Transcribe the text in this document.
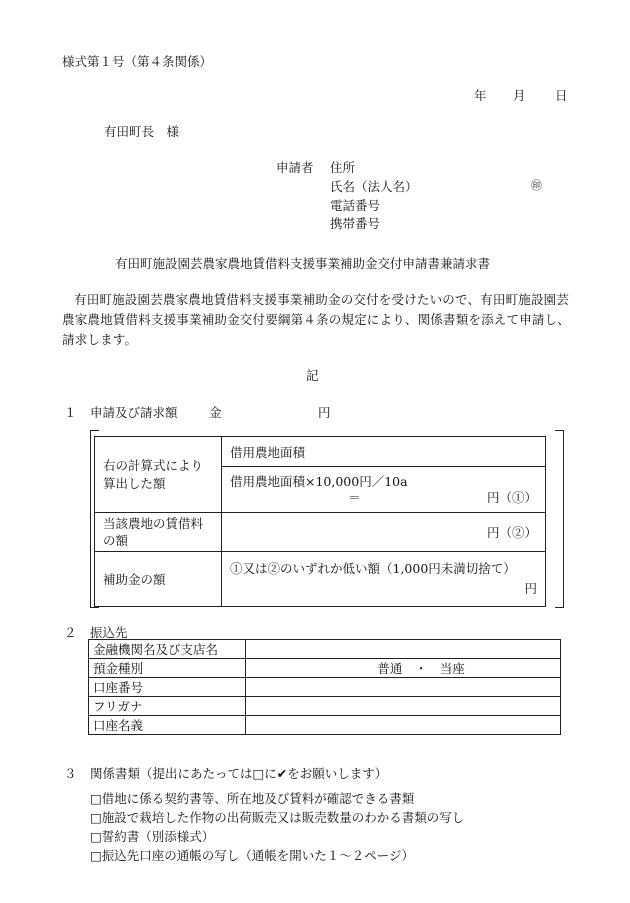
様式第１号（第４条関係）
年 月 日
有田町長　様
申請者 住所
氏名（法人名）	㊞
電話番号
携帯番号
有田町施設園芸農家農地賃借料支援事業補助金交付申請書兼請求書
有田町施設園芸農家農地賃借料支援事業補助金の交付を受けたいので、有田町施設園芸農家農地賃借料支援事業補助金交付要綱第４条の規定により、関係書類を添えて申請し、請求します。
記
１ 申請及び請求額	金	円
右の計算式により算出した額	借用農地面積

	借用農地面積×10,000円／10a
＝ 円（①）

当該農地の賃借料の額	円（②）
補助金の額	①又は②のいずれか低い額（1,000円未満切捨て）
円
２ 振込先
金融機関名及び支店名	
預金種別	普通　・　当座
口座番号	
フリガナ	
口座名義	
３ 関係書類（提出にあたっては□に✔をお願いします）
□借地に係る契約書等、所在地及び賃料が確認できる書類
□施設で栽培した作物の出荷販売又は販売数量のわかる書類の写し
□誓約書（別添様式）
□振込先口座の通帳の写し（通帳を開いた１～２ページ）
